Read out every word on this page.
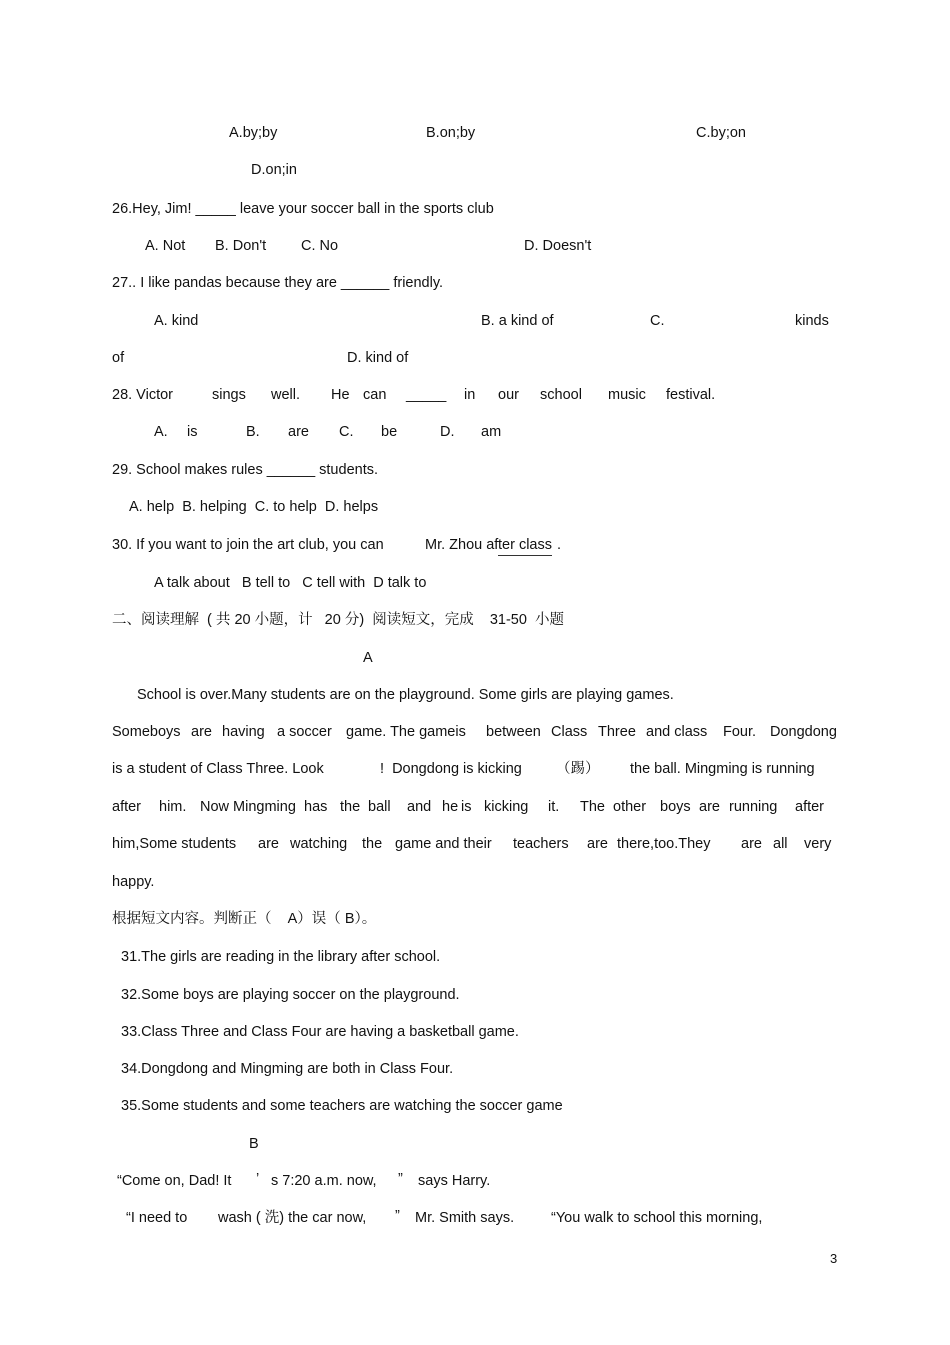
A.by;by	B.on;by	C.by;on
D.on;in
26.Hey, Jim! _____ leave your soccer ball in the sports club
A. Not B. Don't C. No	D. Doesn't
27.. I like pandas because they are ______ friendly.
A. kind	B. a kind of	C.	kinds
of	D. kind of
28. Victor	sings well. He can _____ in our school music festival.
A. is	B. are C. be	D. am
29. School makes rules ______ students.
A. help  B. helping  C. to help  D. helps
30. If you want to join the art club, you can	Mr. Zhou af ter class .
A talk about   B tell to   C tell with  D talk to
二、阅读理解  ( 共 20 小题，计   20 分)  阅读短文，完成    31-50  小题
A
School is over.Many students are on the playground. Some girls are playing games.
Someboys are having a soccer game. The gameis between Class Three and class Four. Dongdong
is a student of Class Three. Look	!  Dongdong is kicking （踢） the ball. Mingming is running
after him. Now Mingming has the ball and he is kicking it. The other boys are running after
him,Some students are watching the game and their teachers are there,too.They are all very
happy.
根据短文内容。判断正（    A）误（ B）。
31.The girls are reading in the library after school.
32.Some boys are playing soccer on the playground.
33.Class Three and Class Four are having a basketball game.
34.Dongdong and Mingming are both in Class Four.
35.Some students and some teachers are watching the soccer game
B
“Come on, Dad! It ’ s 7:20 a.m. now, ” says Harry.
“I need to wash ( 洗) the car now, ” Mr. Smith says.	“You walk to school this morning,
3
